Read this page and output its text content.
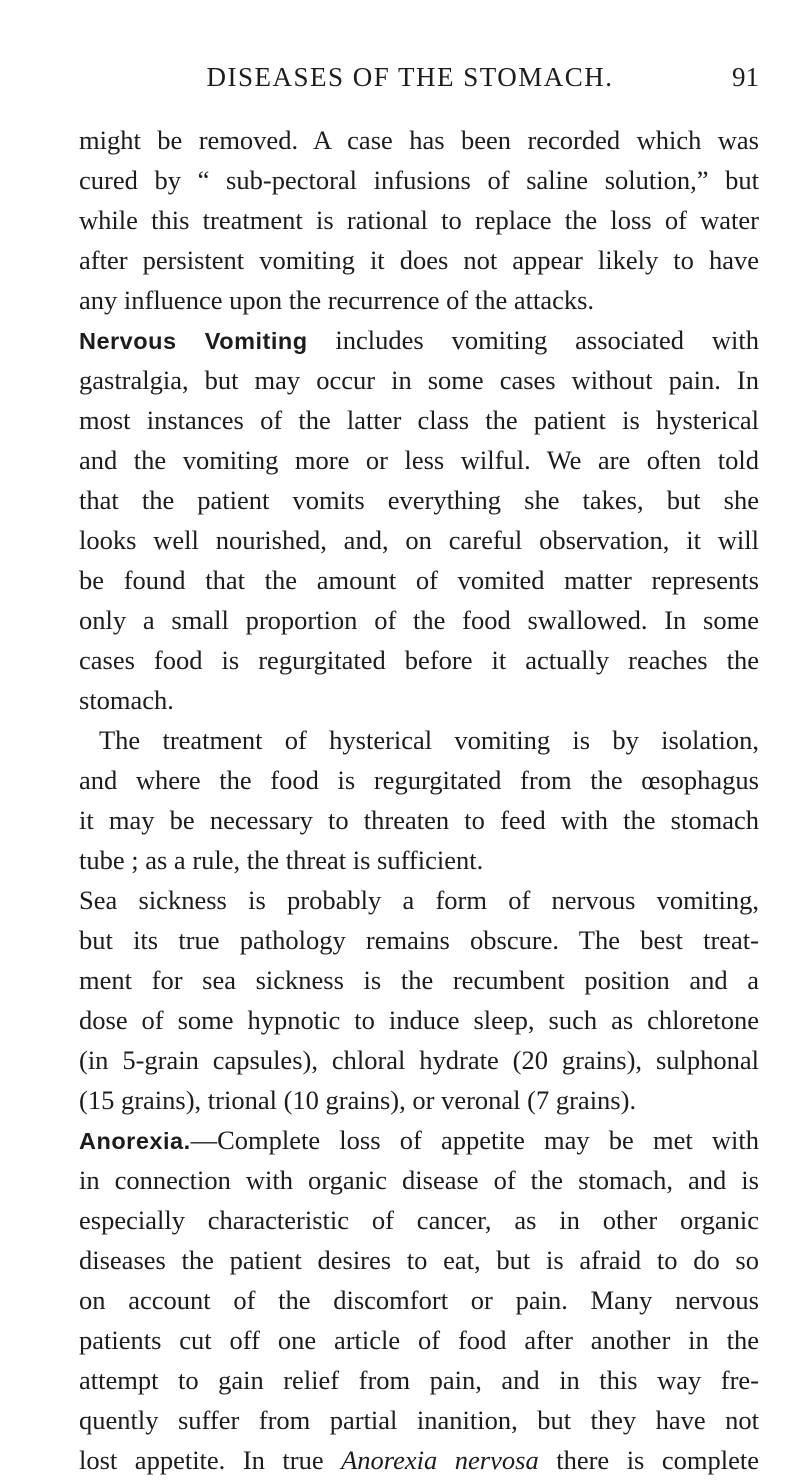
DISEASES OF THE STOMACH.	91
might be removed. A case has been recorded which was
cured by “ sub-pectoral infusions of saline solution,” but
while this treatment is rational to replace the loss of water
after persistent vomiting it does not appear likely to have
any influence upon the recurrence of the attacks.
Nervous Vomiting includes vomiting associated with
gastralgia, but may occur in some cases without pain. In
most instances of the latter class the patient is hysterical
and the vomiting more or less wilful. We are often told
that the patient vomits everything she takes, but she
looks well nourished, and, on careful observation, it will
be found that the amount of vomited matter represents
only a small proportion of the food swallowed. In some
cases food is regurgitated before it actually reaches the
stomach.
The treatment of hysterical vomiting is by isolation,
and where the food is regurgitated from the œsophagus
it may be necessary to threaten to feed with the stomach
tube ; as a rule, the threat is sufficient.
Sea sickness is probably a form of nervous vomiting,
but its true pathology remains obscure. The best treat-
ment for sea sickness is the recumbent position and a
dose of some hypnotic to induce sleep, such as chloretone
(in 5-grain capsules), chloral hydrate (20 grains), sulphonal
(15 grains), trional (10 grains), or veronal (7 grains).
Anorexia.—Complete loss of appetite may be met with
in connection with organic disease of the stomach, and is
especially characteristic of cancer, as in other organic
diseases the patient desires to eat, but is afraid to do so
on account of the discomfort or pain. Many nervous
patients cut off one article of food after another in the
attempt to gain relief from pain, and in this way fre-
quently suffer from partial inanition, but they have not
lost appetite. In true Anorexia nervosa there is complete
